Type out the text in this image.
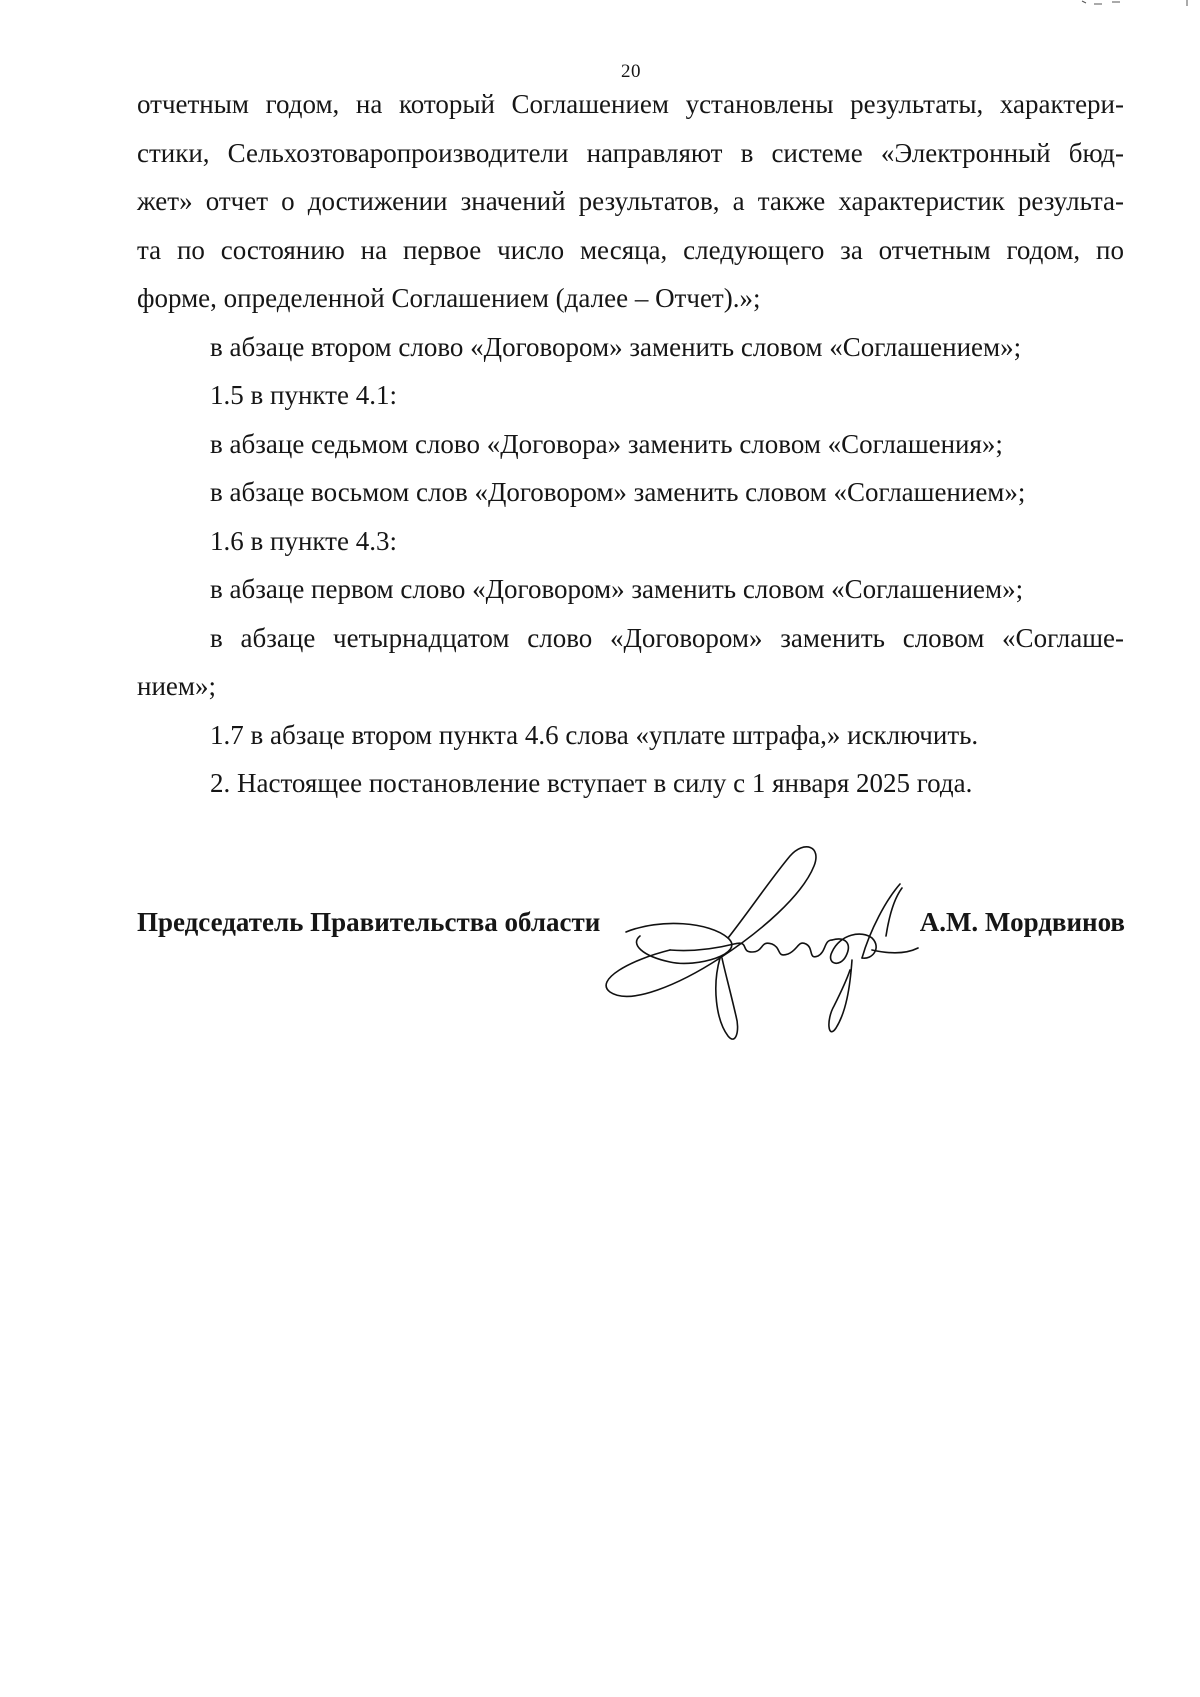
20

отчетным годом, на который Соглашением установлены результаты, характери-

стики, Сельхозтоваропроизводители направляют в системе «Электронный бюд-

жет» отчет о достижении значений результатов, а также характеристик результа-

та по состоянию на первое число месяца, следующего за отчетным годом, по

форме, определенной Соглашением (далее – Отчет).»;

в абзаце втором слово «Договором» заменить словом «Соглашением»;

1.5 в пункте 4.1:

в абзаце седьмом слово «Договора» заменить словом «Соглашения»;

в абзаце восьмом слов «Договором» заменить словом «Соглашением»;

1.6 в пункте 4.3:

в абзаце первом слово «Договором» заменить словом «Соглашением»;

в абзаце четырнадцатом слово «Договором» заменить словом «Соглаше-

нием»;

1.7 в абзаце втором пункта 4.6 слова «уплате штрафа,» исключить.

2. Настоящее постановление вступает в силу с 1 января 2025 года.

Председатель Правительства области	А.М. Мордвинов
